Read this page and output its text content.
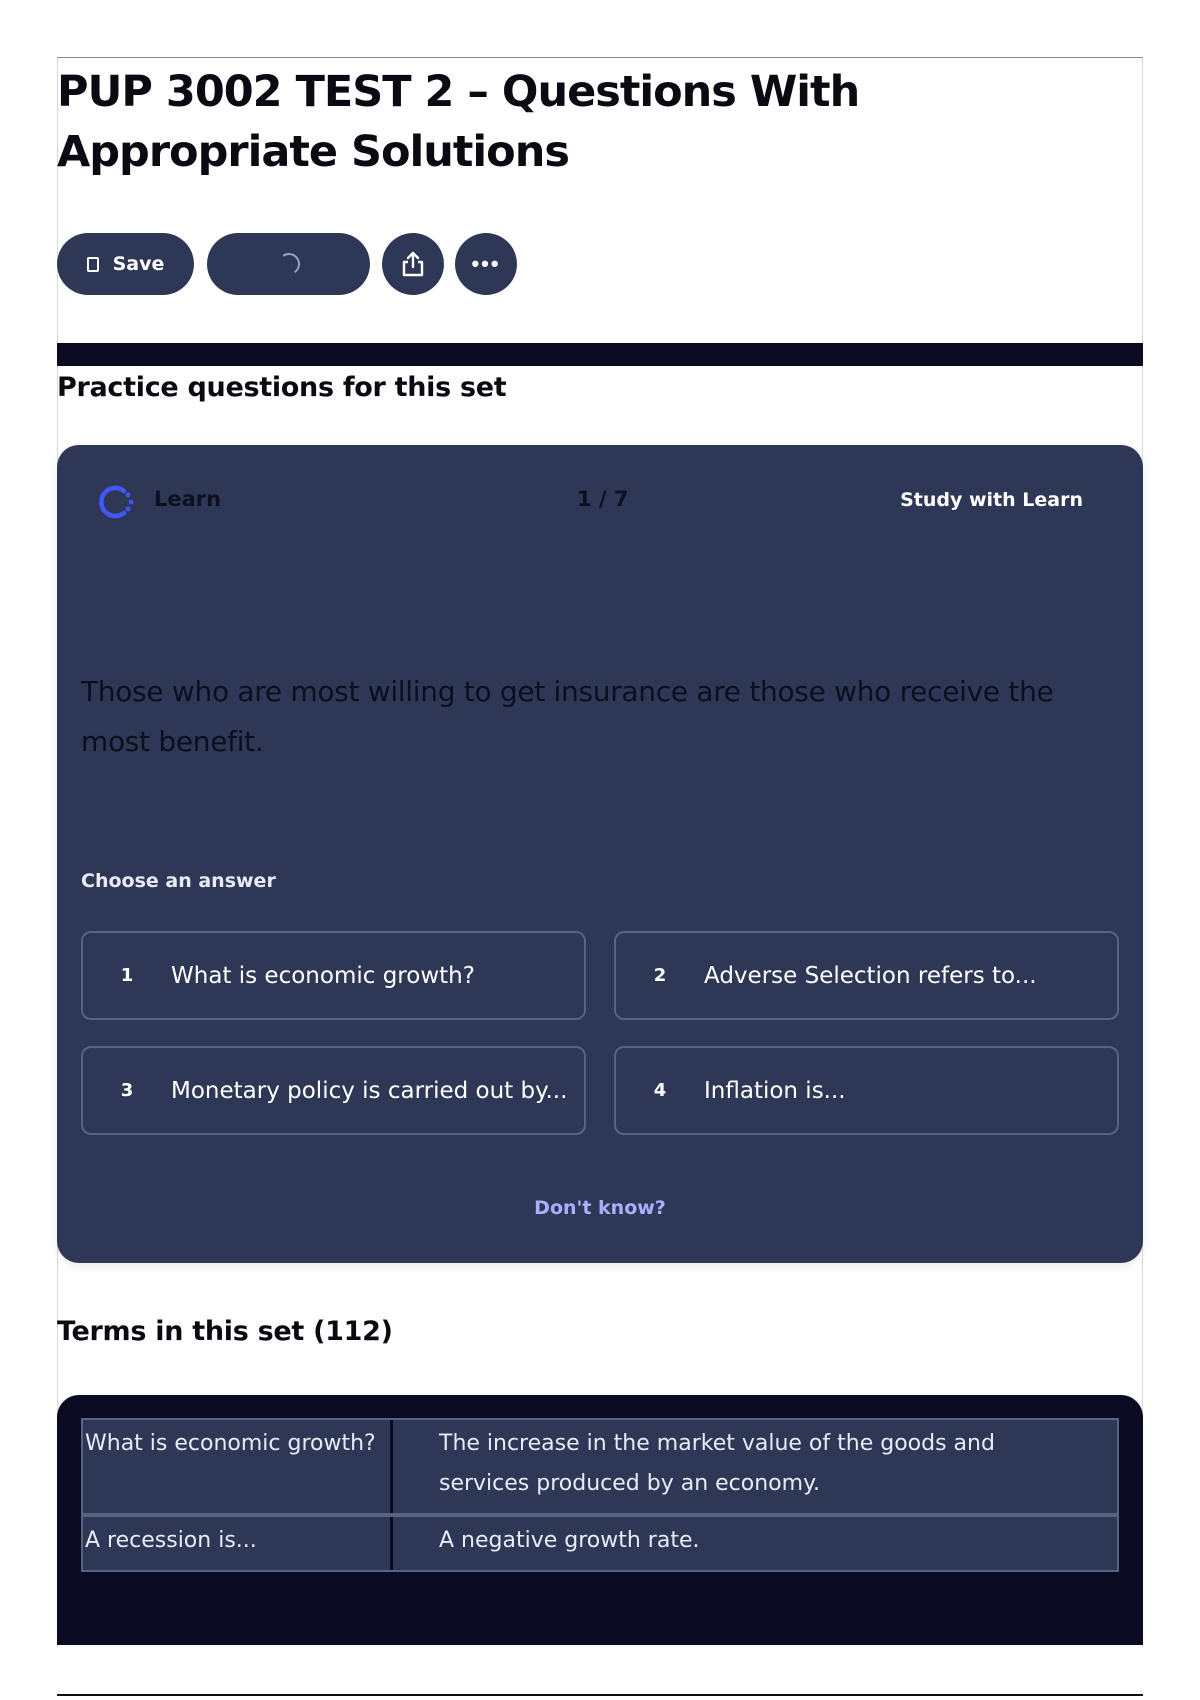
PUP 3002 TEST 2 – Questions With Appropriate Solutions
Save	•••
Practice questions for this set
Learn	1 / 7	Study with Learn

Those who are most willing to get insurance are those who receive the most benefit.

Choose an answer
1	What is economic growth?	2	Adverse Selection refers to...
3	Monetary policy is carried out by...	4	Inflation is...
Don't know?
Terms in this set (112)
What is economic growth?	The increase in the market value of the goods and services produced by an economy.
A recession is...	A negative growth rate.
